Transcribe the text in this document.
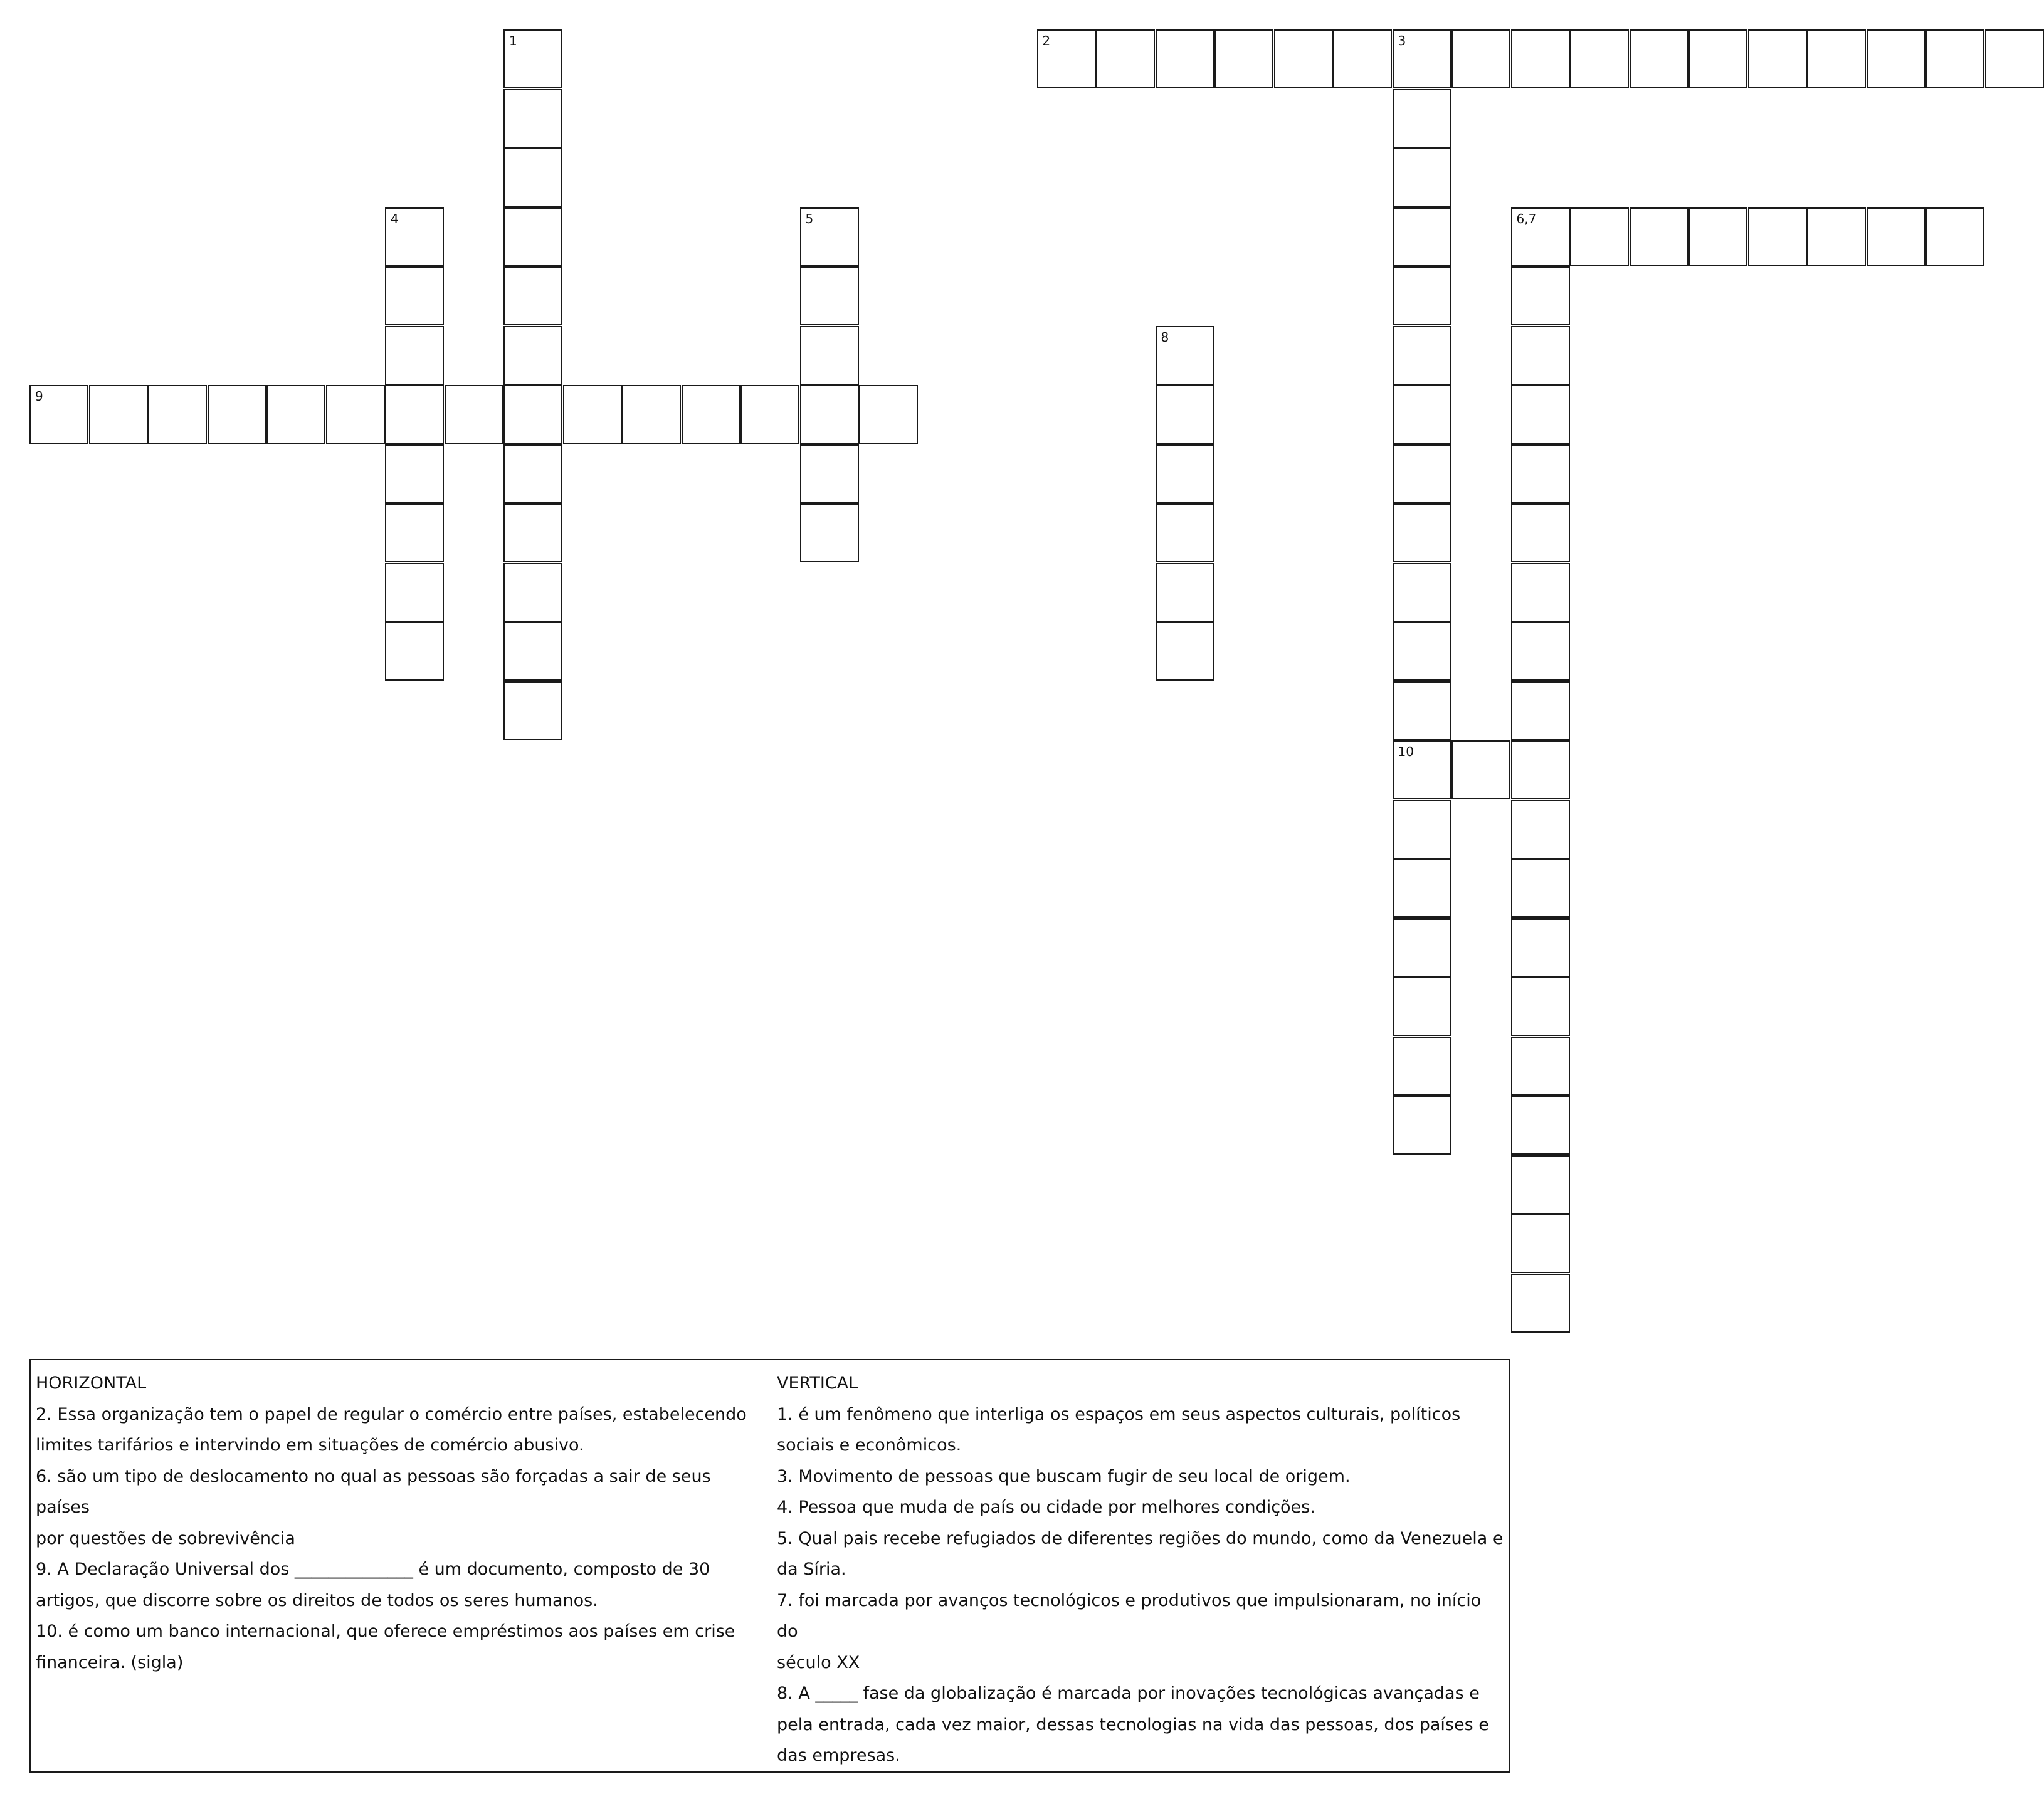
1	2	3
4	5	6,7
8
9
10
HORIZONTAL
2. Essa organização tem o papel de regular o comércio entre países, estabelecendo
limites tarifários e intervindo em situações de comércio abusivo.
6. são um tipo de deslocamento no qual as pessoas são forçadas a sair de seus países
por questões de sobrevivência
9. A Declaração Universal dos ______________ é um documento, composto de 30
artigos, que discorre sobre os direitos de todos os seres humanos.
10. é como um banco internacional, que oferece empréstimos aos países em crise
financeira. (sigla)
VERTICAL
1. é um fenômeno que interliga os espaços em seus aspectos culturais, políticos
sociais e econômicos.
3. Movimento de pessoas que buscam fugir de seu local de origem.
4. Pessoa que muda de país ou cidade por melhores condições.
5. Qual pais recebe refugiados de diferentes regiões do mundo, como da Venezuela e
da Síria.
7. foi marcada por avanços tecnológicos e produtivos que impulsionaram, no início do
século XX
8. A _____ fase da globalização é marcada por inovações tecnológicas avançadas e
pela entrada, cada vez maior, dessas tecnologias na vida das pessoas, dos países e
das empresas.
